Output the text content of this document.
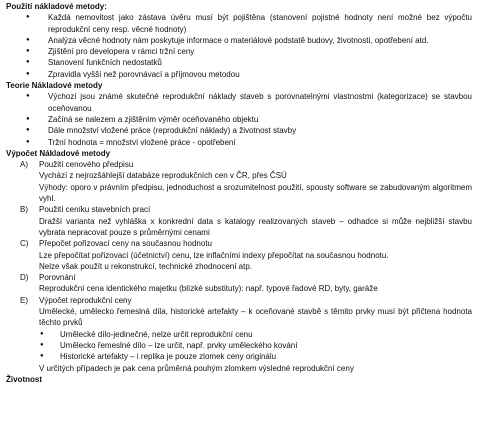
Použití nákladové metody:

● Každá nemovitost jako zástava úvěru musí být pojištěna (stanovení pojistné hodnoty není možné bez výpočtu reprodukční ceny resp. věcné hodnoty)
● Analýza věcné hodnoty nám poskytuje informace o materiálové podstatě budovy, životnosti, opotřebení atd.
● Zjištění pro developera v rámci tržní ceny
● Stanovení funkčních nedostatků
● Zpravidla vyšší než porovnávací a příjmovou metodou

Teorie Nákladové metody

● Výchozí jsou známé skutečné reprodukční náklady staveb s porovnatelnými vlastnostmi (kategorizace) se stavbou oceňovanou
● Začíná se nalezem a zjištěním výměr oceňovaného objektu
● Dále množství vložené práce (reprodukční náklady) a životnost stavby
● Tržní hodnota = množství vložené práce - opotřebení

Výpočet Nákladové metody

A) Použití cenového předpisu
Vychází z nejrozšáhlejší databáze reprodukčních cen v ČR, přes ČSÚ
Výhody: oporo v právním předpisu, jednoduchost a srozumitelnost použití, spousty software se zabudovaným algoritmem vyhl.
B) Použití ceníku stavebních prací
Dražší varianta než vyhláška x konkrední data s katalogy realizovaných staveb – odhadce si může nejbližší stavbu vybrata nepracovat pouze s průměrnými cenami
C) Přepočet pořizovací ceny na současnou hodnotu
Lze přepočítat pořizovací (účetnictví) cenu, lze inflačními indexy přepočítat na současnou hodnotu.
Nelze však použít u rekonstrukcí, technické zhodnocení atp.
D) Porovnání
Reprodukční cena identického majetku (blízké substituty): např. typové řadové RD, byty, garáže
E) Výpočet reprodukční ceny
Umělecké, umělecko řemeslná díla, historické artefakty – k oceňované stavbě s těmito prvky musí být přičtena hodnota těchto prvků
● Umělecké dílo-jedinečné, nelze určit reprodukční cenu
● Umělecko řemeslné dílo – lze určit, např. prvky uměleckého kování
● Historické artefakty – i replika je pouze zlomek ceny originálu
V určitých případech je pak cena průměrná pouhým zlomkem výsledné reprodukční ceny
Životnost
